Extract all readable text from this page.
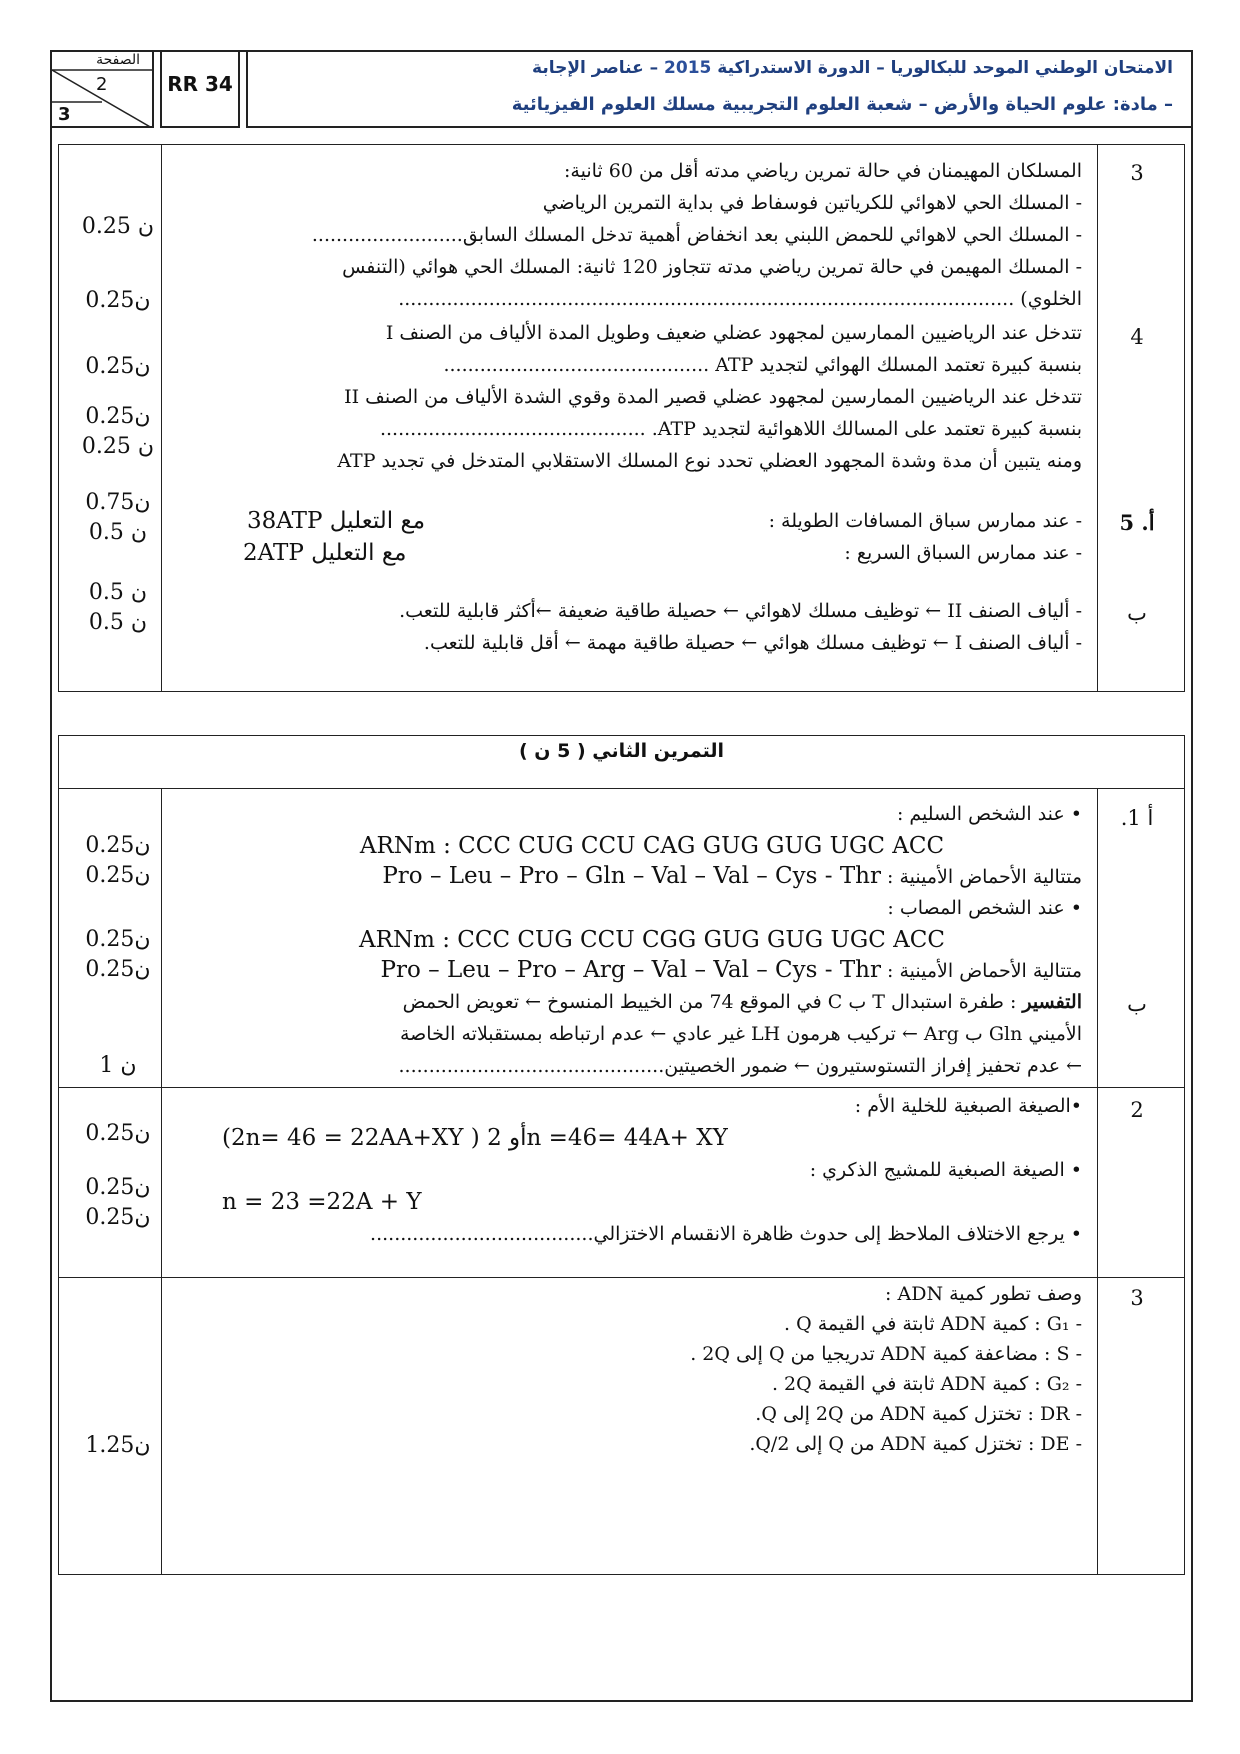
الصفحة
2
3
RR 34
الامتحان الوطني الموحد للبكالوريا – الدورة الاستدراكية 2015 – عناصر الإجابة
– مادة: علوم الحياة والأرض – شعبة العلوم التجريبية مسلك العلوم الفيزيائية
3
المسلكان المهيمنان في حالة تمرين رياضي مدته أقل من 60 ثانية:
- المسلك الحي لاهوائي للكرياتين فوسفاط في بداية التمرين الرياضي
- المسلك الحي لاهوائي للحمض اللبني بعد انخفاض أهمية تدخل المسلك السابق.........................
- المسلك المهيمن في حالة تمرين رياضي مدته تتجاوز 120 ثانية: المسلك الحي هوائي (التنفس
الخلوي) ......................................................................................................
0.25 ن
0.25ن
4
تتدخل عند الرياضيين الممارسين لمجهود عضلي ضعيف وطويل المدة الألياف من الصنف I
بنسبة كبيرة تعتمد المسلك الهوائي لتجديد ATP ............................................
تتدخل عند الرياضيين الممارسين لمجهود عضلي قصير المدة وقوي الشدة الألياف من الصنف II
بنسبة كبيرة تعتمد على المسالك اللاهوائية لتجديد ATP. ............................................
ومنه يتبين أن مدة وشدة المجهود العضلي تحدد نوع المسلك الاستقلابي المتدخل في تجديد ATP
0.25ن
0.25ن
0.25 ن
5 .أ
- عند ممارس سباق المسافات الطويلة :
- عند ممارس السباق السريع :
38ATP مع التعليل
2ATP مع التعليل
0.75ن
0.5 ن
ب
- ألياف الصنف II ← توظيف مسلك لاهوائي ← حصيلة طاقية ضعيفة ←أكثر قابلية للتعب.
- ألياف الصنف I ← توظيف مسلك هوائي ← حصيلة طاقية مهمة ← أقل قابلية للتعب.
0.5 ن
0.5 ن
التمرين الثاني ( 5 ن )
.1 أ
• عند الشخص السليم :
ARNm : CCC CUG CCU CAG GUG GUG UGC ACC
متتالية الأحماض الأمينية : Pro – Leu – Pro – Gln – Val – Val – Cys - Thr
• عند الشخص المصاب :
ARNm : CCC CUG CCU CGG GUG GUG UGC ACC
متتالية الأحماض الأمينية : Pro – Leu – Pro – Arg – Val – Val – Cys - Thr
0.25ن
0.25ن
0.25ن
0.25ن
ب
التفسير : طفرة استبدال T ب C في الموقع 74 من الخييط المنسوخ ← تعويض الحمض
الأميني Gln ب Arg ← تركيب هرمون LH غير عادي ← عدم ارتباطه بمستقبلاته الخاصة
← عدم تحفيز إفراز التستوستيرون ← ضمور الخصيتين............................................
1 ن
2
•الصيغة الصبغية للخلية الأم :
(2n= 46 = 22AA+XY ) أو 2n =46= 44A+ XY
• الصيغة الصبغية للمشيج الذكري :
n = 23 =22A + Y
• يرجع الاختلاف الملاحظ إلى حدوث ظاهرة الانقسام الاختزالي.....................................
0.25ن
0.25ن
0.25ن
3
وصف تطور كمية ADN :
- G₁ : كمية ADN ثابتة في القيمة Q .
- S : مضاعفة كمية ADN تدريجيا من Q إلى 2Q .
- G₂ : كمية ADN ثابتة في القيمة 2Q .
- DR : تختزل كمية ADN من 2Q إلى Q.
- DE : تختزل كمية ADN من Q إلى Q/2.
1.25ن
